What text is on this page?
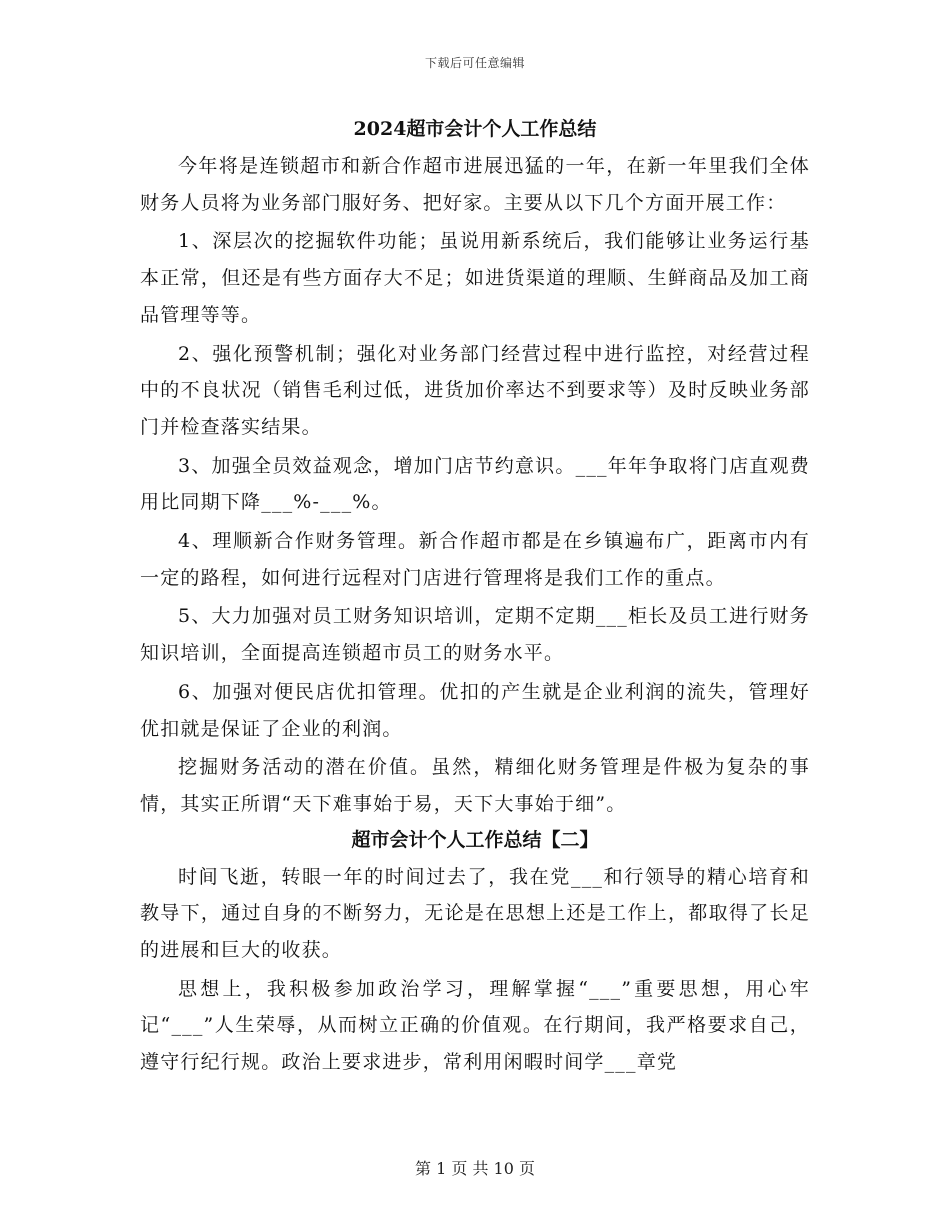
下载后可任意编辑
2024超市会计个人工作总结

今年将是连锁超市和新合作超市进展迅猛的一年，在新一年里我们全体财务人员将为业务部门服好务、把好家。主要从以下几个方面开展工作：

1、深层次的挖掘软件功能；虽说用新系统后，我们能够让业务运行基本正常，但还是有些方面存大不足；如进货渠道的理顺、生鲜商品及加工商品管理等等。

2、强化预警机制；强化对业务部门经营过程中进行监控，对经营过程中的不良状况（销售毛利过低，进货加价率达不到要求等）及时反映业务部门并检查落实结果。

3、加强全员效益观念，增加门店节约意识。___年年争取将门店直观费用比同期下降___%-___%。

4、理顺新合作财务管理。新合作超市都是在乡镇遍布广，距离市内有一定的路程，如何进行远程对门店进行管理将是我们工作的重点。

5、大力加强对员工财务知识培训，定期不定期___柜长及员工进行财务知识培训，全面提高连锁超市员工的财务水平。

6、加强对便民店优扣管理。优扣的产生就是企业利润的流失，管理好优扣就是保证了企业的利润。

挖掘财务活动的潜在价值。虽然，精细化财务管理是件极为复杂的事情，其实正所谓“天下难事始于易，天下大事始于细”。

超市会计个人工作总结【二】

时间飞逝，转眼一年的时间过去了，我在党___和行领导的精心培育和教导下，通过自身的不断努力，无论是在思想上还是工作上，都取得了长足的进展和巨大的收获。

思想上，我积极参加政治学习，理解掌握“___”重要思想，用心牢记“___”人生荣辱，从而树立正确的价值观。在行期间，我严格要求自己，遵守行纪行规。政治上要求进步，常利用闲暇时间学___章党

第 1 页 共 10 页
